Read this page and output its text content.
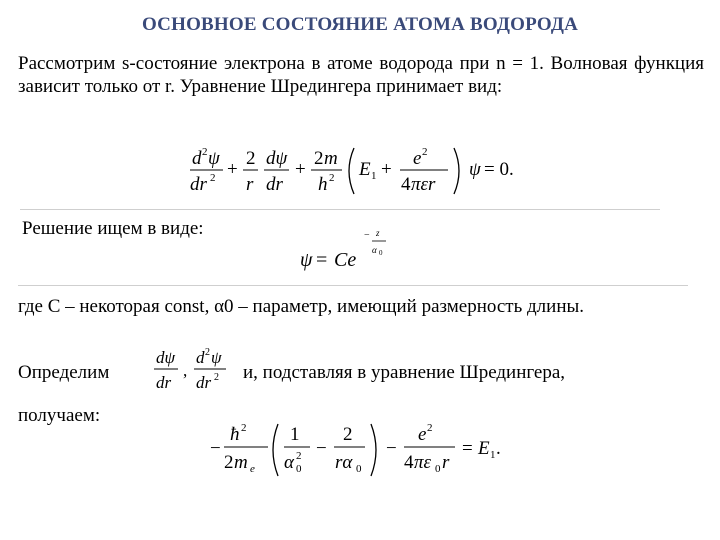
ОСНОВНОЕ СОСТОЯНИЕ АТОМА ВОДОРОДА
Рассмотрим s-состояние электрона в атоме водорода при n = 1. Волновая функция зависит только от r. Уравнение Шредингера принимает вид:
d 2 ψ
dr 2 +
2
r
dψ
dr
+
2 m
h 2 E 1 +
e 2
4 πεr
ψ = 0.
Решение ищем в виде:
ψ = Ce
− z
α 0
где С – некоторая const, α0 – параметр, имеющий размерность длины.
Определим
dψ
dr
,
d 2 ψ
dr 2 и, подставляя в уравнение Шредингера,
получаем:
−
ħ 2
2 m e
1
α 0
2 −
2
rα 0
−
e 2
4 πε 0 r
= E 1 .
